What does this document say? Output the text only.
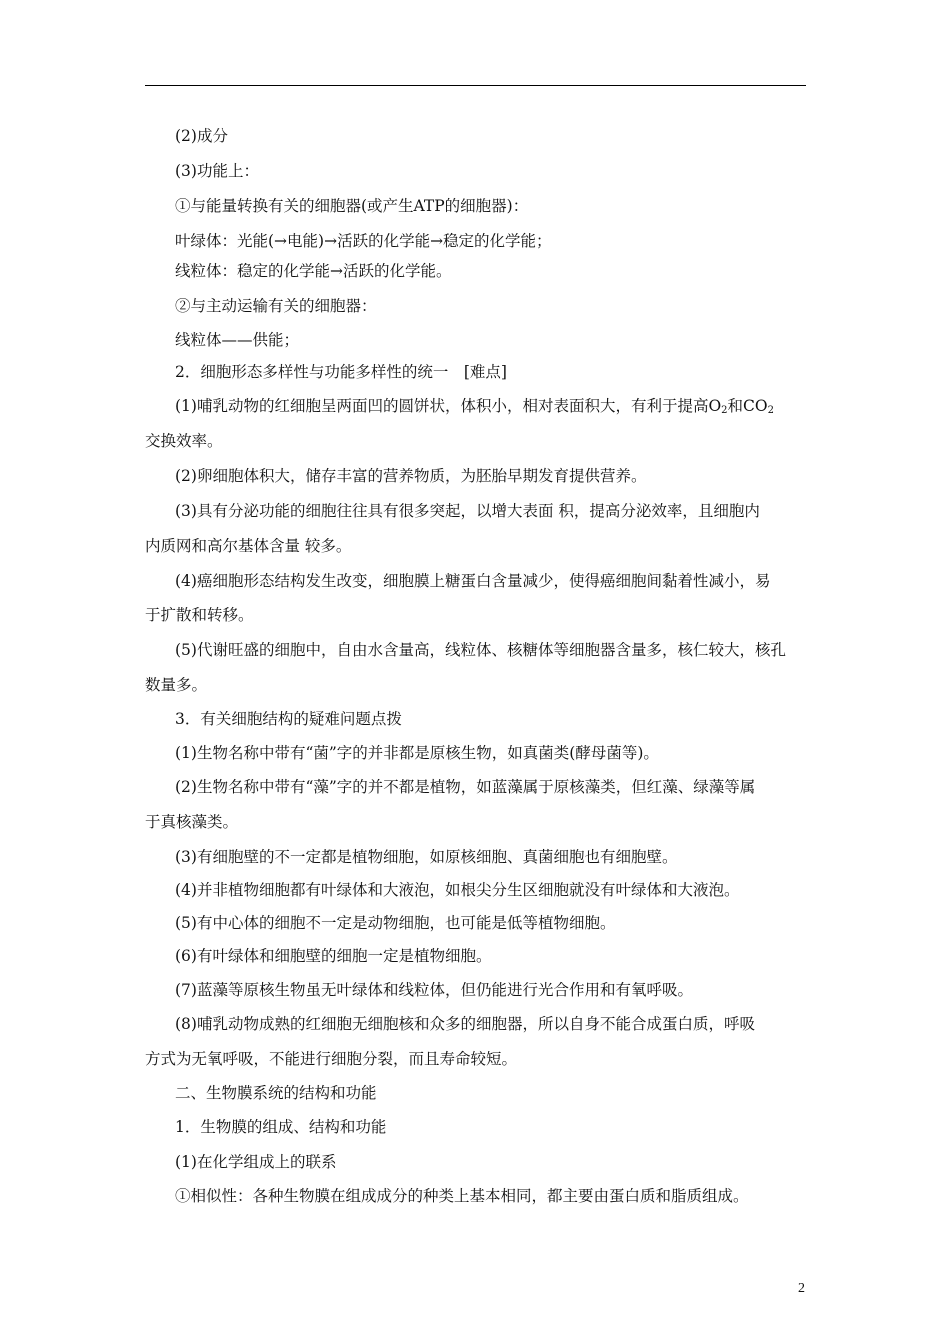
(2)成分
(3)功能上：
①与能量转换有关的细胞器(或产生ATP的细胞器)：
叶绿体：光能(→电能)→活跃的化学能→稳定的化学能；
线粒体：稳定的化学能→活跃的化学能。
②与主动运输有关的细胞器：
线粒体——供能；
2．细胞形态多样性与功能多样性的统一　[难点]
(1)哺乳动物的红细胞呈两面凹的圆饼状，体积小，相对表面积大，有利于提高$O_2$和$CO_2$
交换效率。
(2)卵细胞体积大，储存丰富的营养物质，为胚胎早期发育提供营养。
(3)具有分泌功能的细胞往往具有很多突起，以增大表面 积，提高分泌效率，且细胞内
内质网和高尔基体含量 较多。
(4)癌细胞形态结构发生改变，细胞膜上糖蛋白含量减少，使得癌细胞间黏着性减小，易
于扩散和转移。
(5)代谢旺盛的细胞中，自由水含量高，线粒体、核糖体等细胞器含量多，核仁较大，核孔
数量多。
3．有关细胞结构的疑难问题点拨
(1)生物名称中带有“菌”字的并非都是原核生物，如真菌类(酵母菌等)。
(2)生物名称中带有“藻”字的并不都是植物，如蓝藻属于原核藻类，但红藻、绿藻等属
于真核藻类。
(3)有细胞壁的不一定都是植物细胞，如原核细胞、真菌细胞也有细胞壁。
(4)并非植物细胞都有叶绿体和大液泡，如根尖分生区细胞就没有叶绿体和大液泡。
(5)有中心体的细胞不一定是动物细胞，也可能是低等植物细胞。
(6)有叶绿体和细胞壁的细胞一定是植物细胞。
(7)蓝藻等原核生物虽无叶绿体和线粒体，但仍能进行光合作用和有氧呼吸。
(8)哺乳动物成熟的红细胞无细胞核和众多的细胞器，所以自身不能合成蛋白质，呼吸
方式为无氧呼吸，不能进行细胞分裂，而且寿命较短。
二、生物膜系统的结构和功能
1．生物膜的组成、结构和功能
(1)在化学组成上的联系
①相似性：各种生物膜在组成成分的种类上基本相同，都主要由蛋白质和脂质组成。
2
